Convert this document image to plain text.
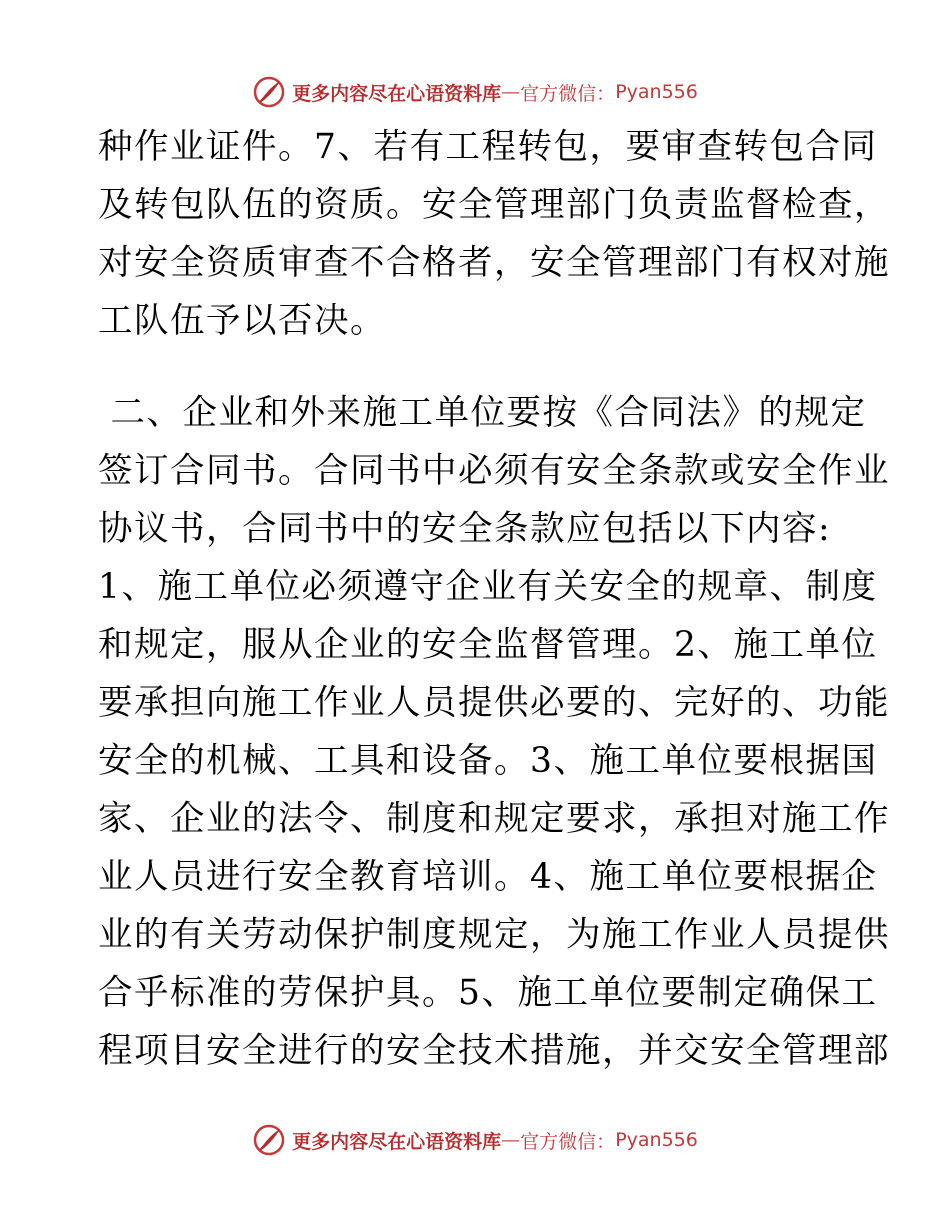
更多内容尽在心语资料库 — 官方微信： Pyan556
种作业证件。7、若有工程转包，要审查转包合同
及转包队伍的资质。安全管理部门负责监督检查，
对安全资质审查不合格者，安全管理部门有权对施
工队伍予以否决。
二、企业和外来施工单位要按《合同法》的规定
签订合同书。合同书中必须有安全条款或安全作业
协议书，合同书中的安全条款应包括以下内容:
1、施工单位必须遵守企业有关安全的规章、制度
和规定，服从企业的安全监督管理。2、施工单位
要承担向施工作业人员提供必要的、完好的、功能
安全的机械、工具和设备。3、施工单位要根据国
家、企业的法令、制度和规定要求，承担对施工作
业人员进行安全教育培训。4、施工单位要根据企
业的有关劳动保护制度规定，为施工作业人员提供
合乎标准的劳保护具。5、施工单位要制定确保工
程项目安全进行的安全技术措施，并交安全管理部
更多内容尽在心语资料库 — 官方微信： Pyan556
